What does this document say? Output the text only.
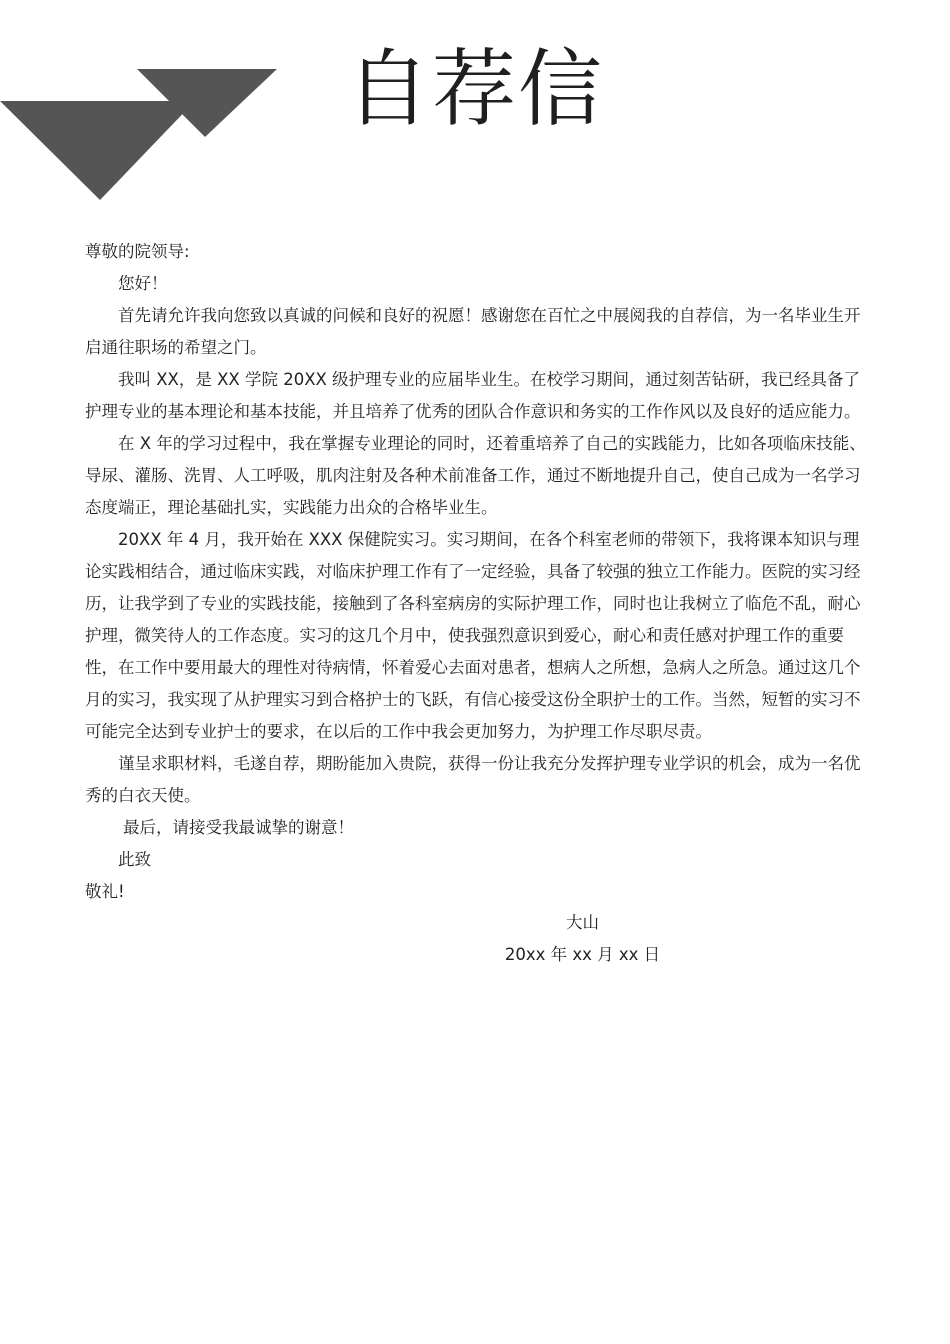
自荐信

尊敬的院领导:

您好！

首先请允许我向您致以真诚的问候和良好的祝愿！感谢您在百忙之中展阅我的自荐信，为一名毕业生开启通往职场的希望之门。

我叫 XX，是 XX 学院 20XX 级护理专业的应届毕业生。在校学习期间，通过刻苦钻研，我已经具备了护理专业的基本理论和基本技能，并且培养了优秀的团队合作意识和务实的工作作风以及良好的适应能力。

在 X 年的学习过程中，我在掌握专业理论的同时，还着重培养了自己的实践能力，比如各项临床技能、导尿、灌肠、洗胃、人工呼吸，肌肉注射及各种术前准备工作，通过不断地提升自己，使自己成为一名学习态度端正，理论基础扎实，实践能力出众的合格毕业生。

20XX 年 4 月，我开始在 XXX 保健院实习。实习期间，在各个科室老师的带领下，我将课本知识与理论实践相结合，通过临床实践，对临床护理工作有了一定经验，具备了较强的独立工作能力。医院的实习经历，让我学到了专业的实践技能，接触到了各科室病房的实际护理工作，同时也让我树立了临危不乱，耐心护理，微笑待人的工作态度。实习的这几个月中，使我强烈意识到爱心，耐心和责任感对护理工作的重要性，在工作中要用最大的理性对待病情，怀着爱心去面对患者，想病人之所想，急病人之所急。通过这几个月的实习，我实现了从护理实习到合格护士的飞跃，有信心接受这份全职护士的工作。当然，短暂的实习不可能完全达到专业护士的要求，在以后的工作中我会更加努力，为护理工作尽职尽责。

谨呈求职材料，毛遂自荐，期盼能加入贵院，获得一份让我充分发挥护理专业学识的机会，成为一名优秀的白衣天使。

最后，请接受我最诚挚的谢意！

此致

敬礼!

大山
20xx 年 xx 月 xx 日
